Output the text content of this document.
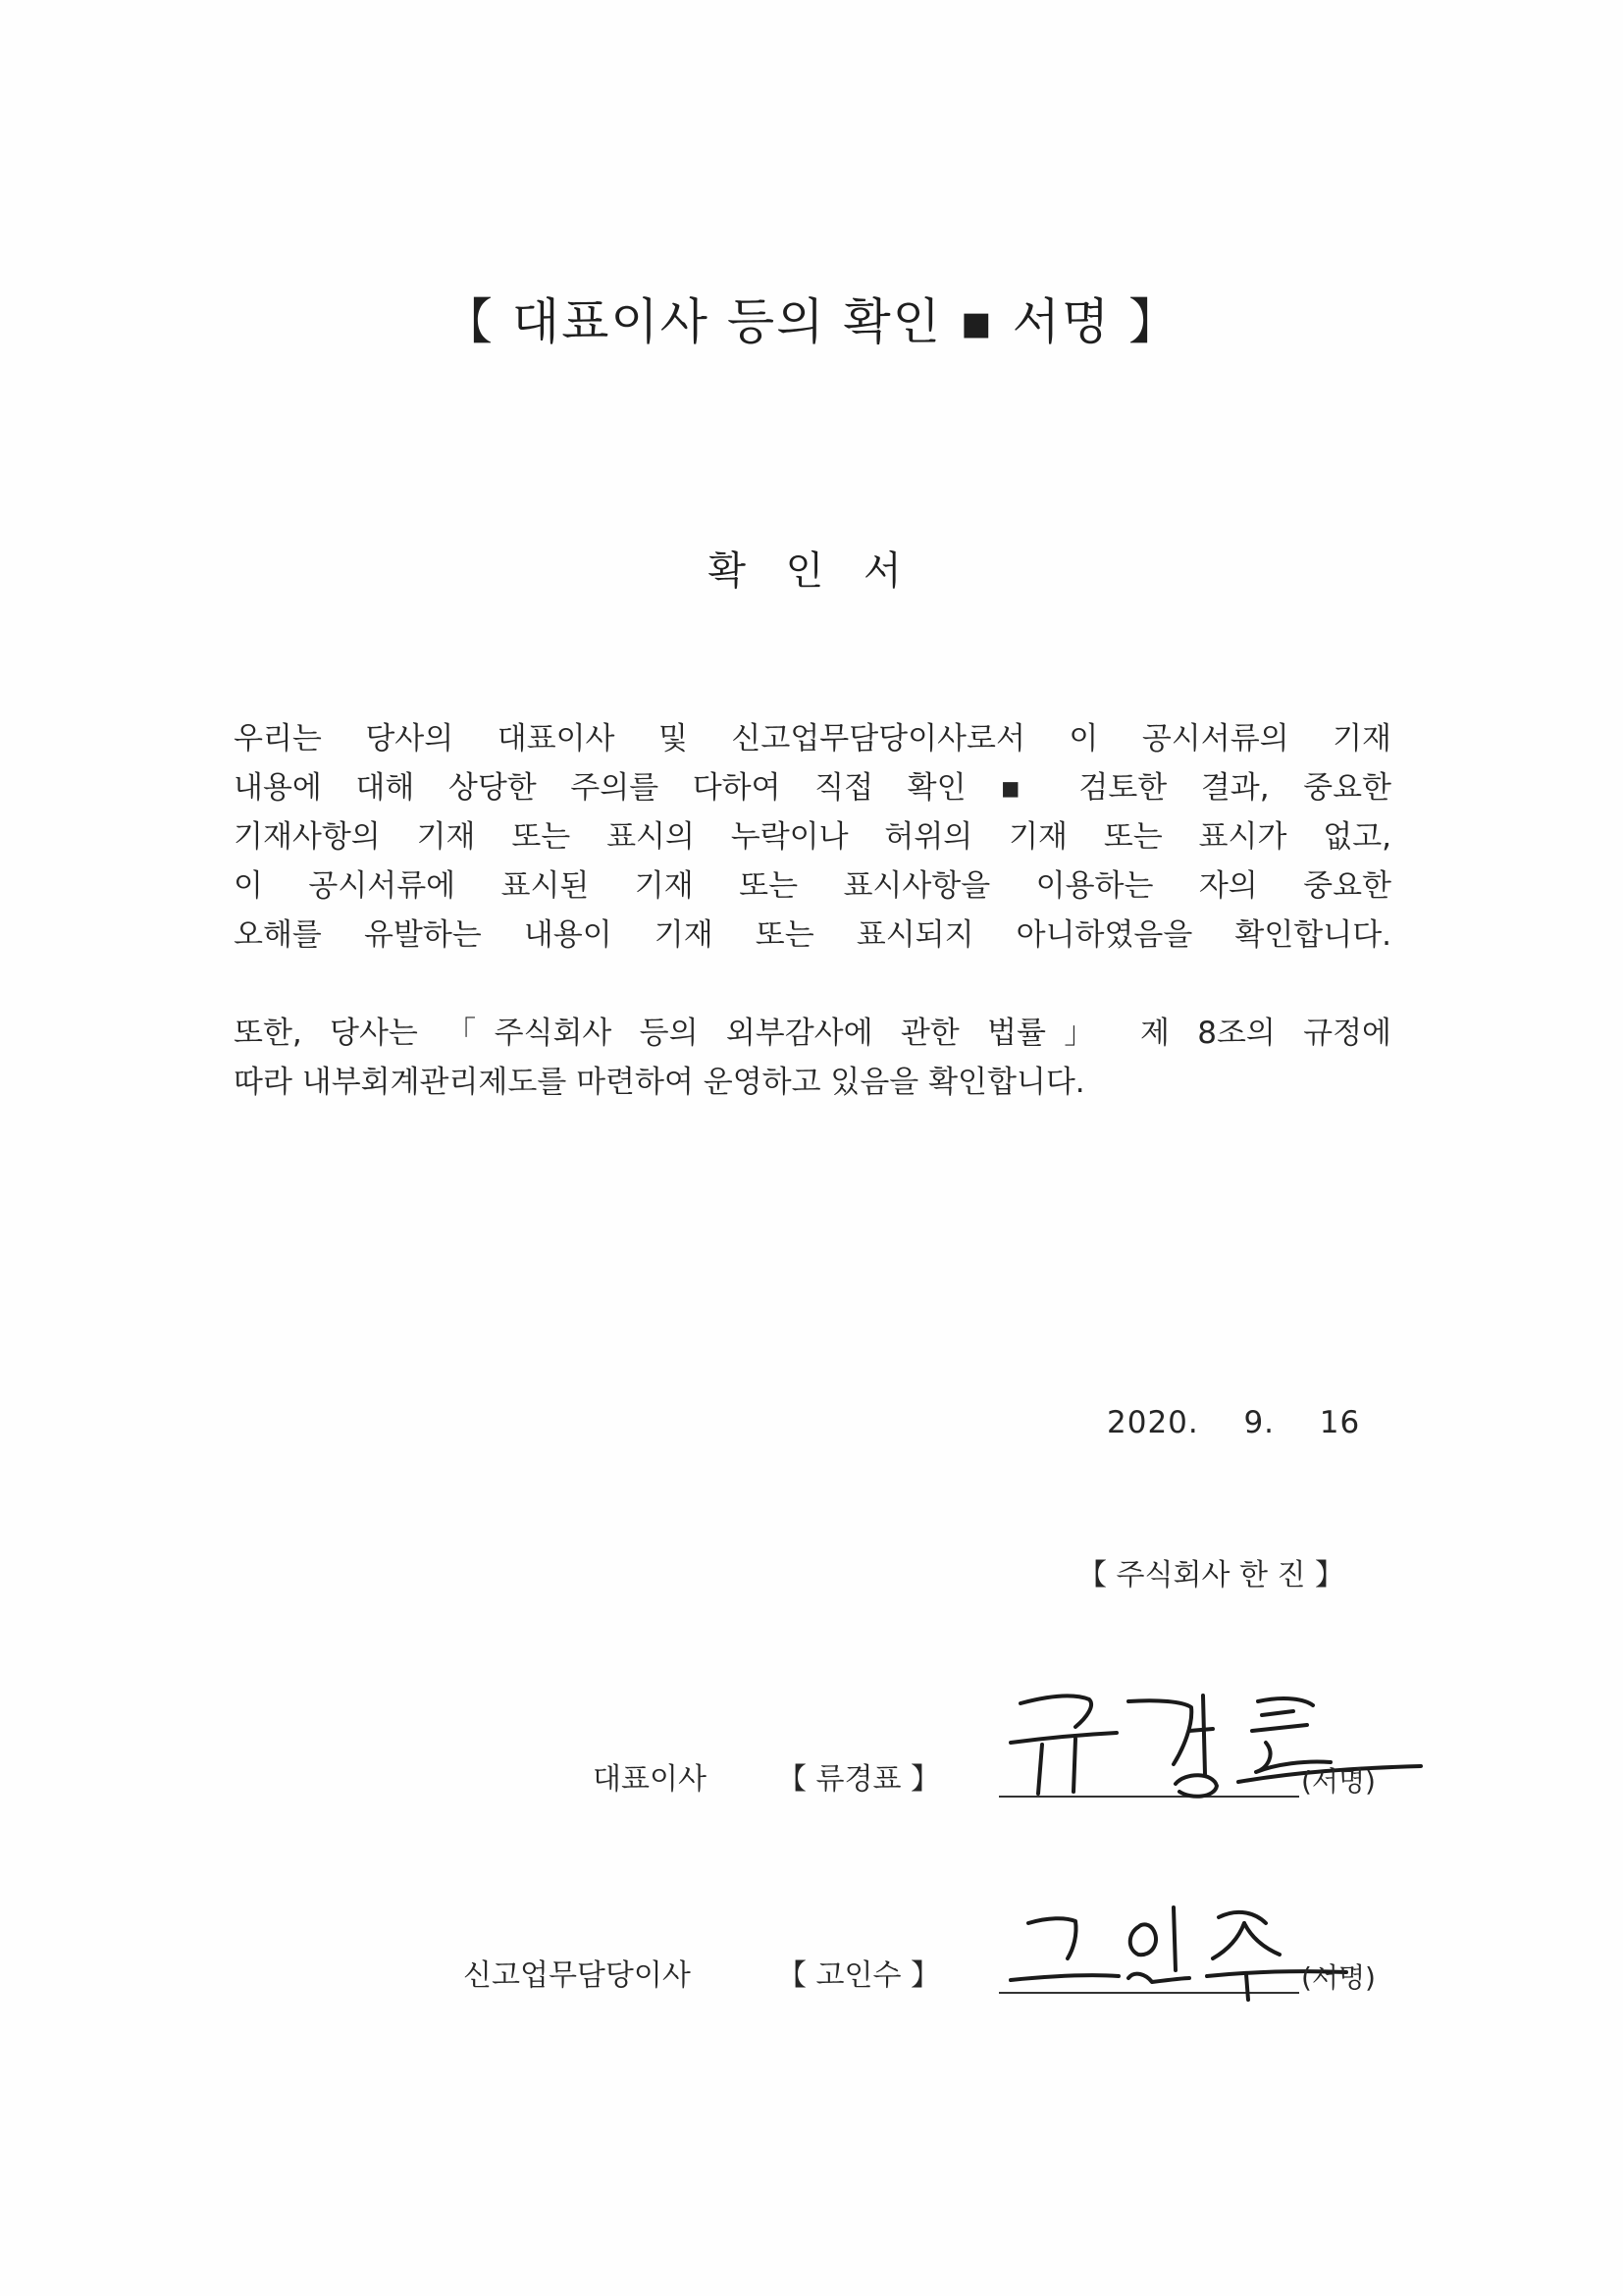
【 대표이사 등의 확인 ▪ 서명 】
확 인 서
우리는 당사의 대표이사 및 신고업무담당이사로서 이 공시서류의 기재
내용에 대해 상당한 주의를 다하여 직접 확인 ▪ 검토한 결과, 중요한
기재사항의 기재 또는 표시의 누락이나 허위의 기재 또는 표시가 없고,
이 공시서류에 표시된 기재 또는 표시사항을 이용하는 자의 중요한
오해를 유발하는 내용이 기재 또는 표시되지 아니하였음을 확인합니다.
또한, 당사는 「주식회사 등의 외부감사에 관한 법률」 제 8조의 규정에
따라 내부회계관리제도를 마련하여 운영하고 있음을 확인합니다.
2020.  9.  16
【 주식회사 한 진 】
대표이사 【 류경표 】	(서명)
신고업무담당이사	【 고인수 】	(서명)
